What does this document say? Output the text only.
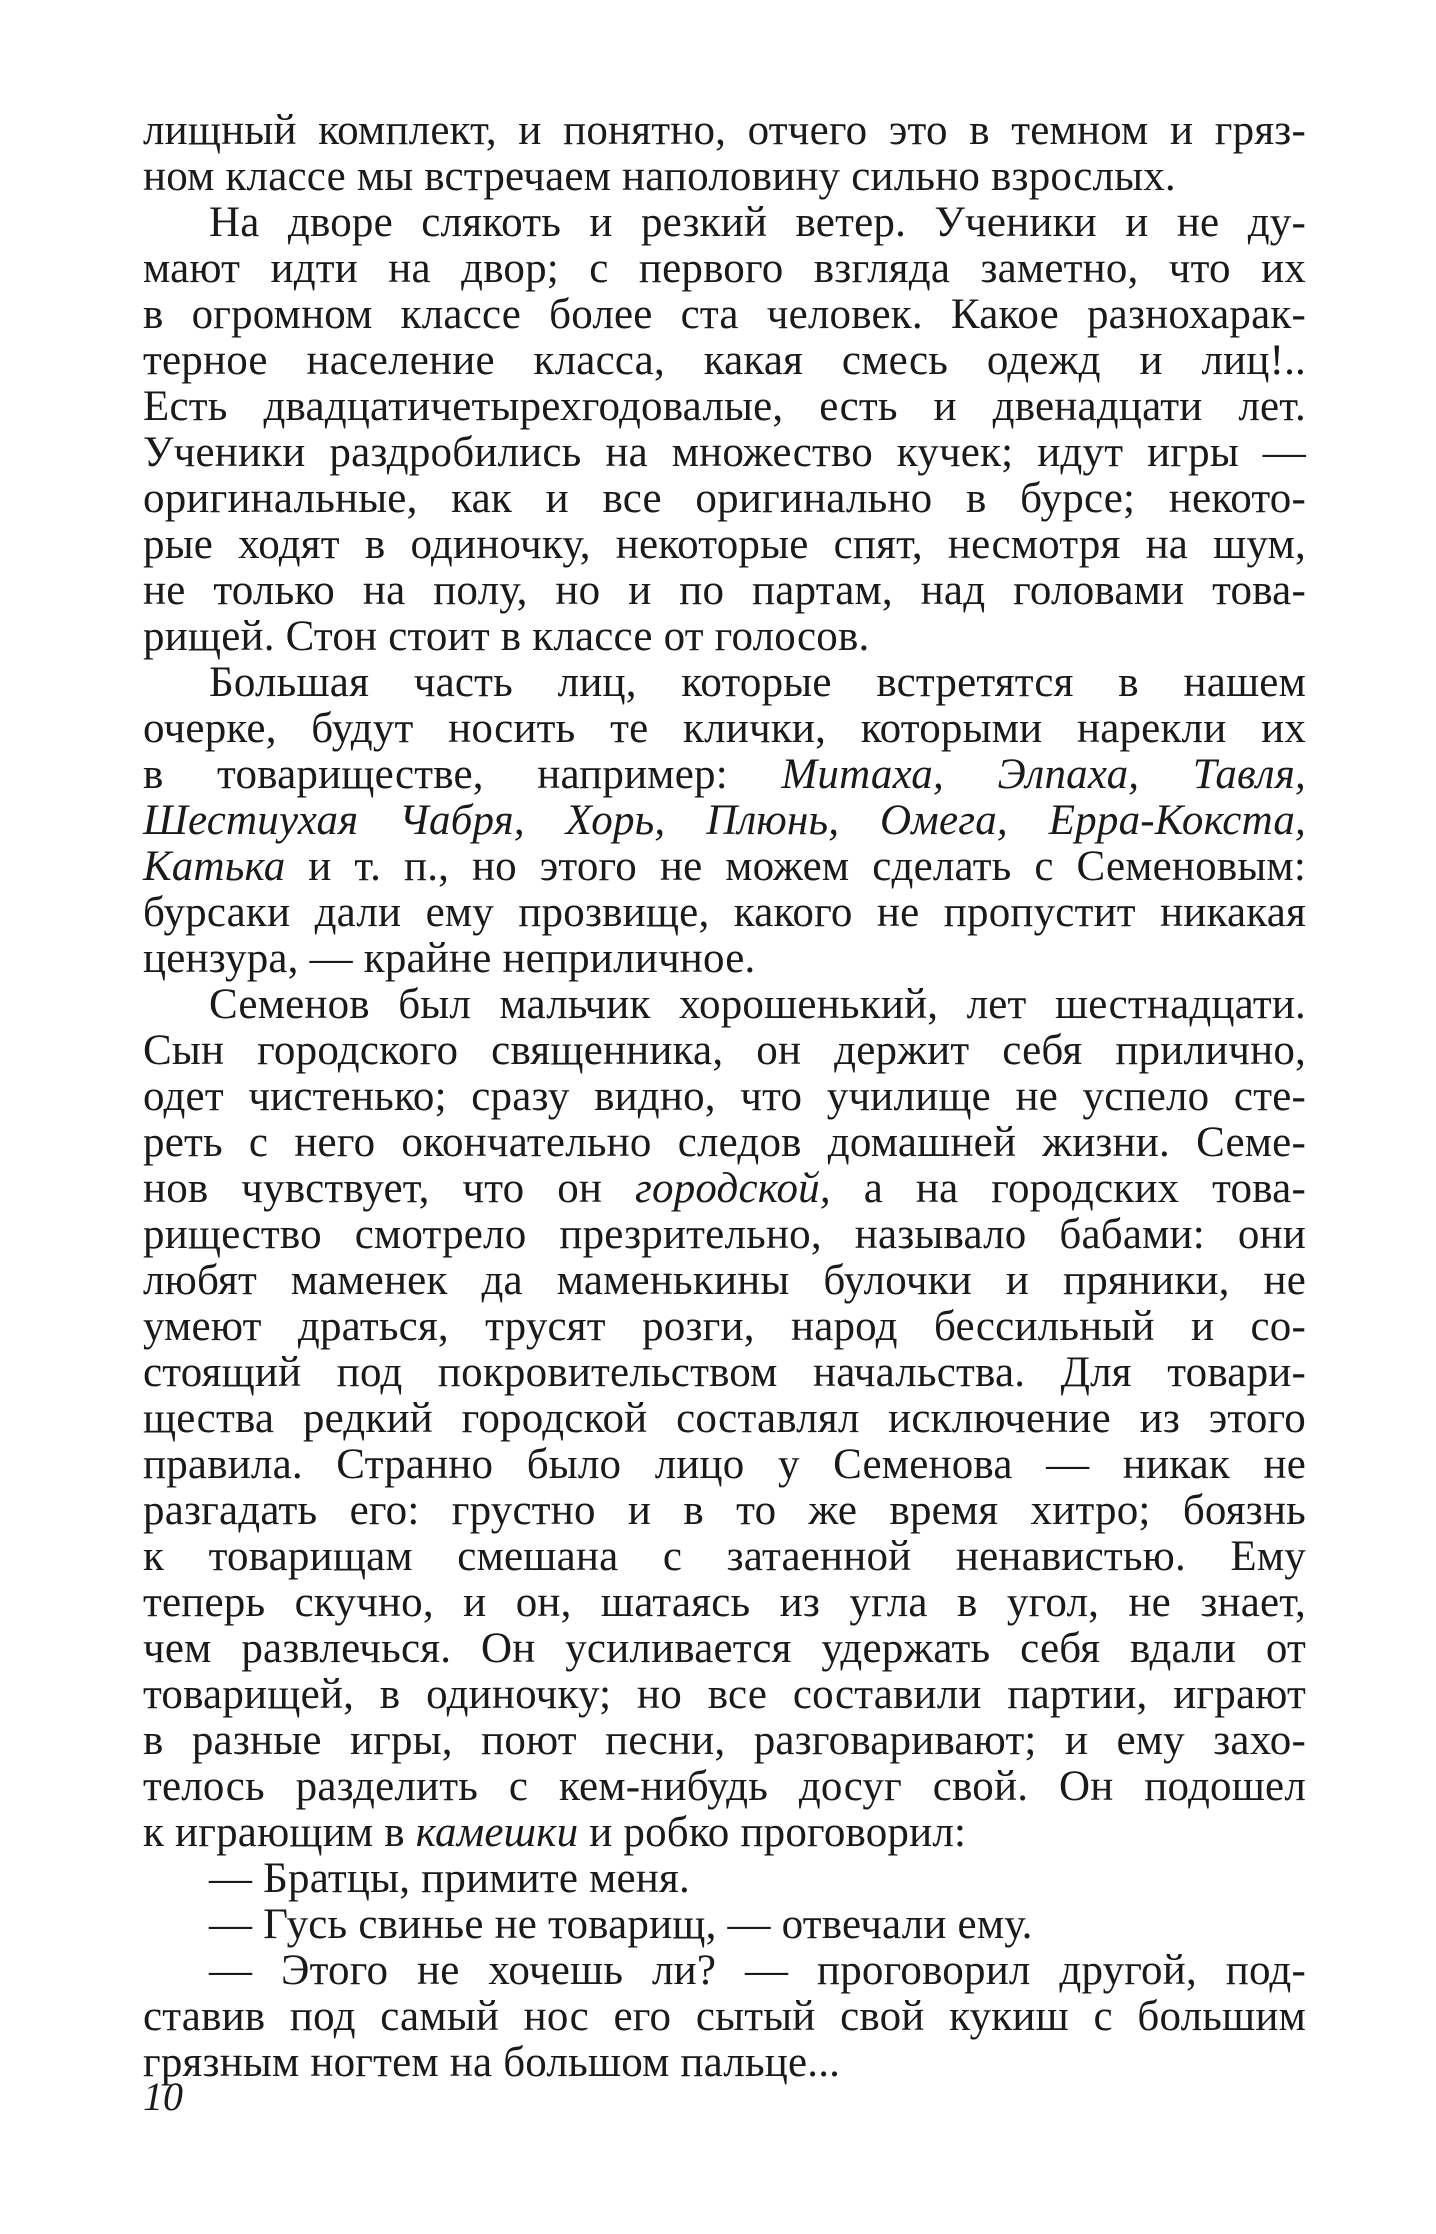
лищный комплект, и понятно, отчего это в темном и гряз-
ном классе мы встречаем наполовину сильно взрослых.
На дворе слякоть и резкий ветер. Ученики и не ду-
мают идти на двор; с первого взгляда заметно, что их
в огромном классе более ста человек. Какое разнохарак-
терное население класса, какая смесь одежд и лиц!..
Есть двадцатичетырехгодовалые, есть и двенадцати лет.
Ученики раздробились на множество кучек; идут игры —
оригинальные, как и все оригинально в бурсе; некото-
рые ходят в одиночку, некоторые спят, несмотря на шум,
не только на полу, но и по партам, над головами това-
рищей. Стон стоит в классе от голосов.
Большая часть лиц, которые встретятся в нашем
очерке, будут носить те клички, которыми нарекли их
в товариществе, например: Митаха, Элпаха, Тавля,
Шестиухая Чабря, Хорь, Плюнь, Омега, Ерра-Кокста,
Катька и т. п., но этого не можем сделать с Семеновым:
бурсаки дали ему прозвище, какого не пропустит никакая
цензура, — крайне неприличное.
Семенов был мальчик хорошенький, лет шестнадцати.
Сын городского священника, он держит себя прилично,
одет чистенько; сразу видно, что училище не успело сте-
реть с него окончательно следов домашней жизни. Семе-
нов чувствует, что он городской, а на городских това-
рищество смотрело презрительно, называло бабами: они
любят маменек да маменькины булочки и пряники, не
умеют драться, трусят розги, народ бессильный и со-
стоящий под покровительством начальства. Для товари-
щества редкий городской составлял исключение из этого
правила. Странно было лицо у Семенова — никак не
разгадать его: грустно и в то же время хитро; боязнь
к товарищам смешана с затаенной ненавистью. Ему
теперь скучно, и он, шатаясь из угла в угол, не знает,
чем развлечься. Он усиливается удержать себя вдали от
товарищей, в одиночку; но все составили партии, играют
в разные игры, поют песни, разговаривают; и ему захо-
телось разделить с кем-нибудь досуг свой. Он подошел
к играющим в камешки и робко проговорил:
— Братцы, примите меня.
— Гусь свинье не товарищ, — отвечали ему.
— Этого не хочешь ли? — проговорил другой, под-
ставив под самый нос его сытый свой кукиш с большим
грязным ногтем на большом пальце...
10
